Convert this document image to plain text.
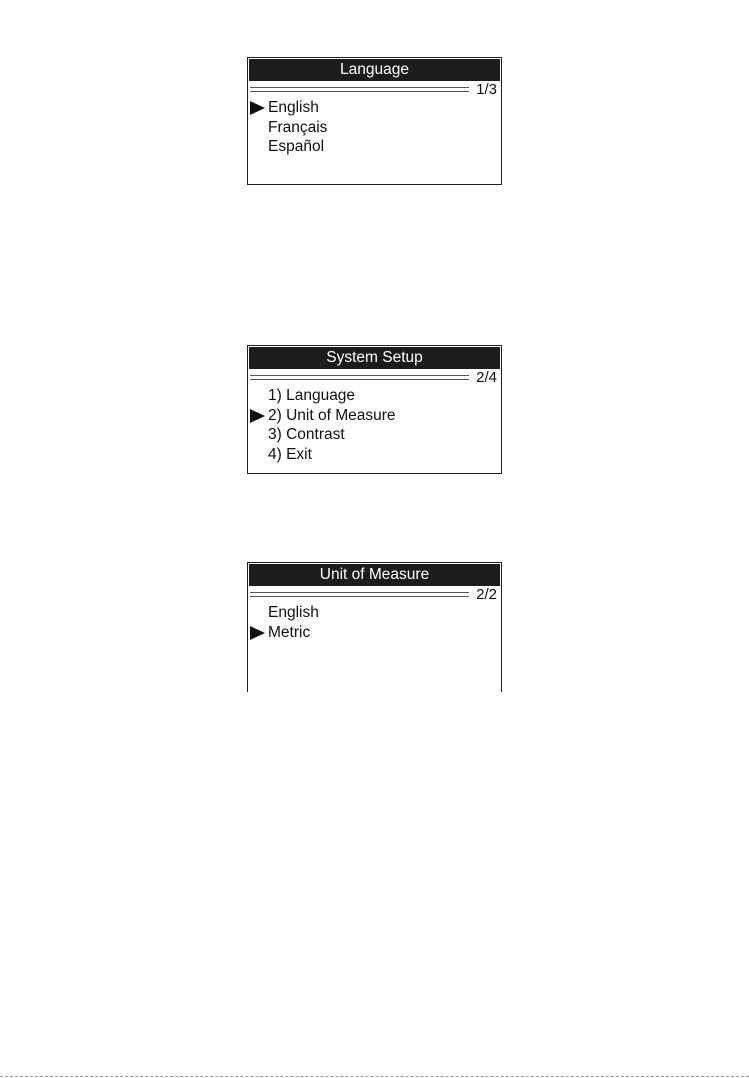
Language
1/3
English
Français
Español
System Setup
2/4
1) Language
2) Unit of Measure
3) Contrast
4) Exit
Unit of Measure
2/2
English
Metric
